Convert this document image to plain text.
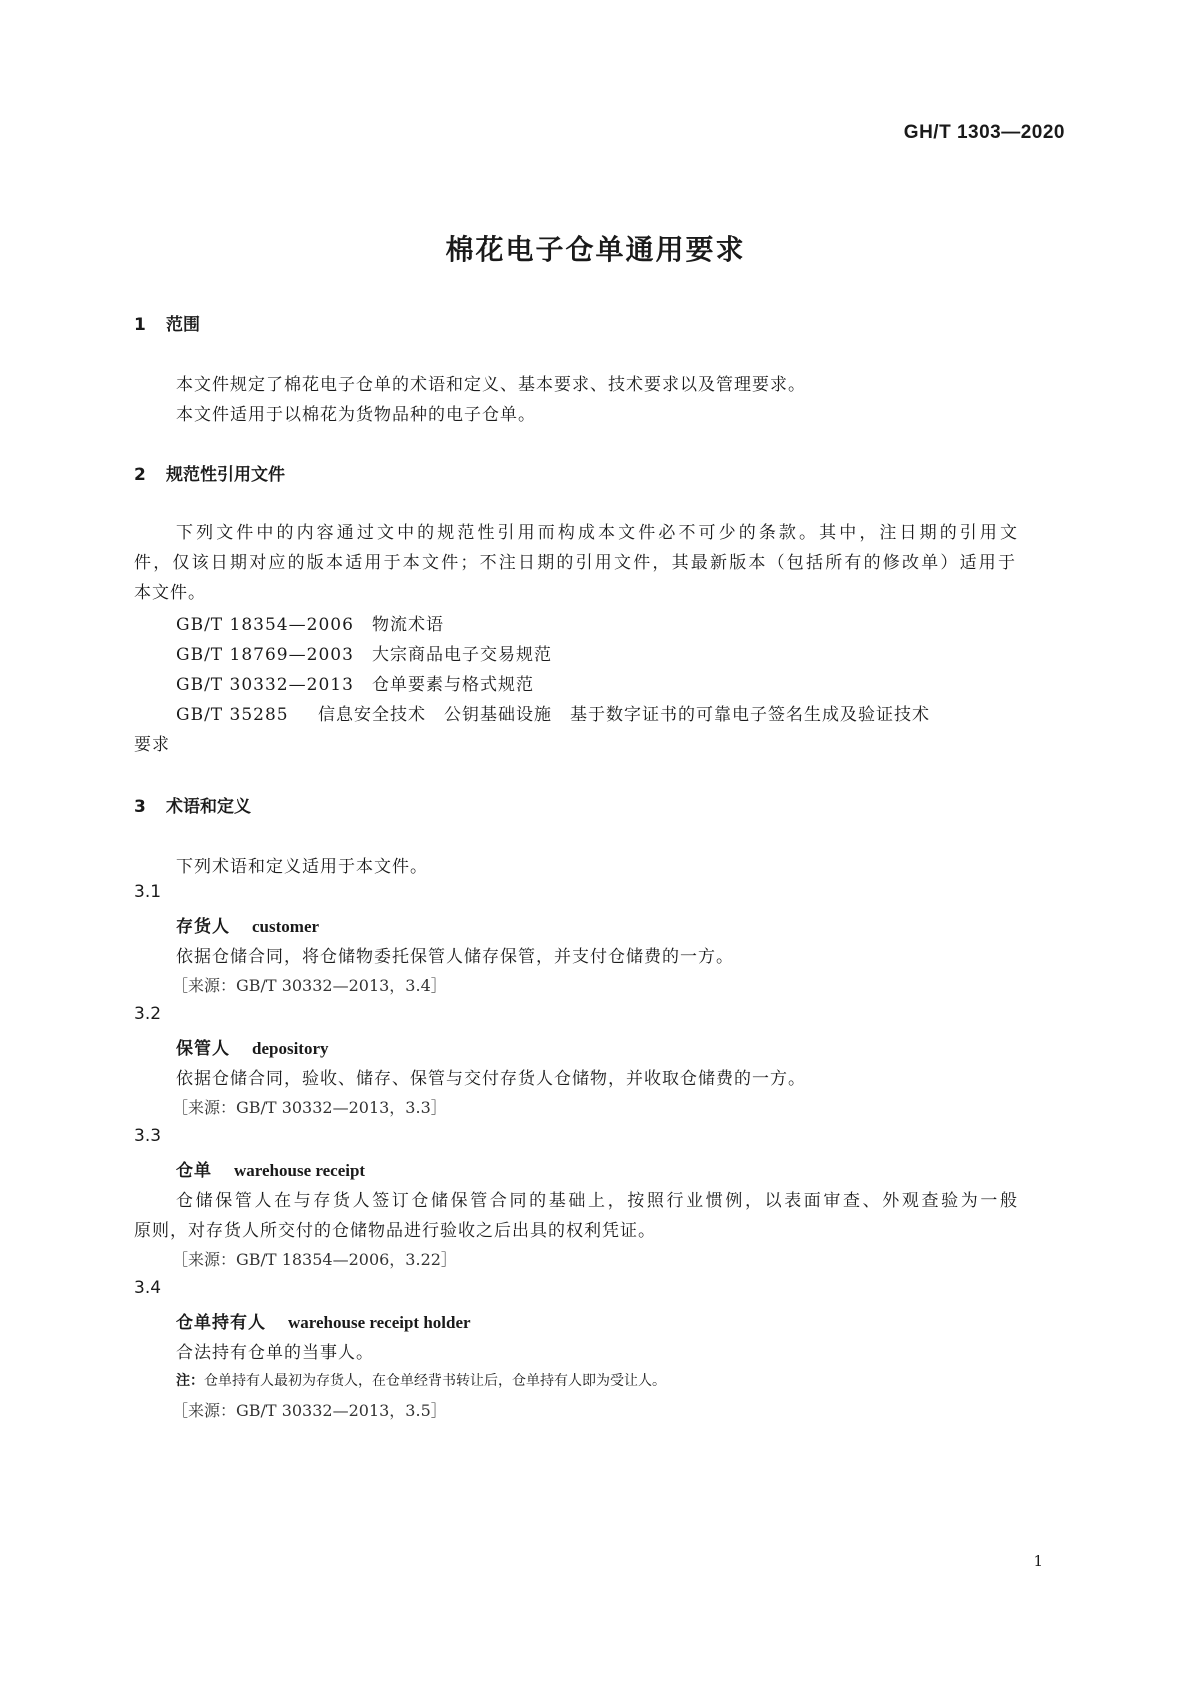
GH/T 1303—2020
棉花电子仓单通用要求
1 范围
本文件规定了棉花电子仓单的术语和定义、基本要求、技术要求以及管理要求。
本文件适用于以棉花为货物品种的电子仓单。
2 规范性引用文件
下列文件中的内容通过文中的规范性引用而构成本文件必不可少的条款。其中，注日期的引用文
件，仅该日期对应的版本适用于本文件；不注日期的引用文件，其最新版本（包括所有的修改单）适用于
本文件。
GB/T 18354—2006 物流术语
GB/T 18769—2003 大宗商品电子交易规范
GB/T 30332—2013 仓单要素与格式规范
GB/T 35285 信息安全技术　公钥基础设施　基于数字证书的可靠电子签名生成及验证技术
要求
3 术语和定义
下列术语和定义适用于本文件。
3.1
存货人 customer
依据仓储合同，将仓储物委托保管人储存保管，并支付仓储费的一方。
［来源：GB/T 30332—2013，3.4］
3.2
保管人 depository
依据仓储合同，验收、储存、保管与交付存货人仓储物，并收取仓储费的一方。
［来源：GB/T 30332—2013，3.3］
3.3
仓单 warehouse receipt
仓储保管人在与存货人签订仓储保管合同的基础上，按照行业惯例，以表面审查、外观查验为一般
原则，对存货人所交付的仓储物品进行验收之后出具的权利凭证。
［来源：GB/T 18354—2006，3.22］
3.4
仓单持有人 warehouse receipt holder
合法持有仓单的当事人。
注：仓单持有人最初为存货人，在仓单经背书转让后，仓单持有人即为受让人。
［来源：GB/T 30332—2013，3.5］
1
